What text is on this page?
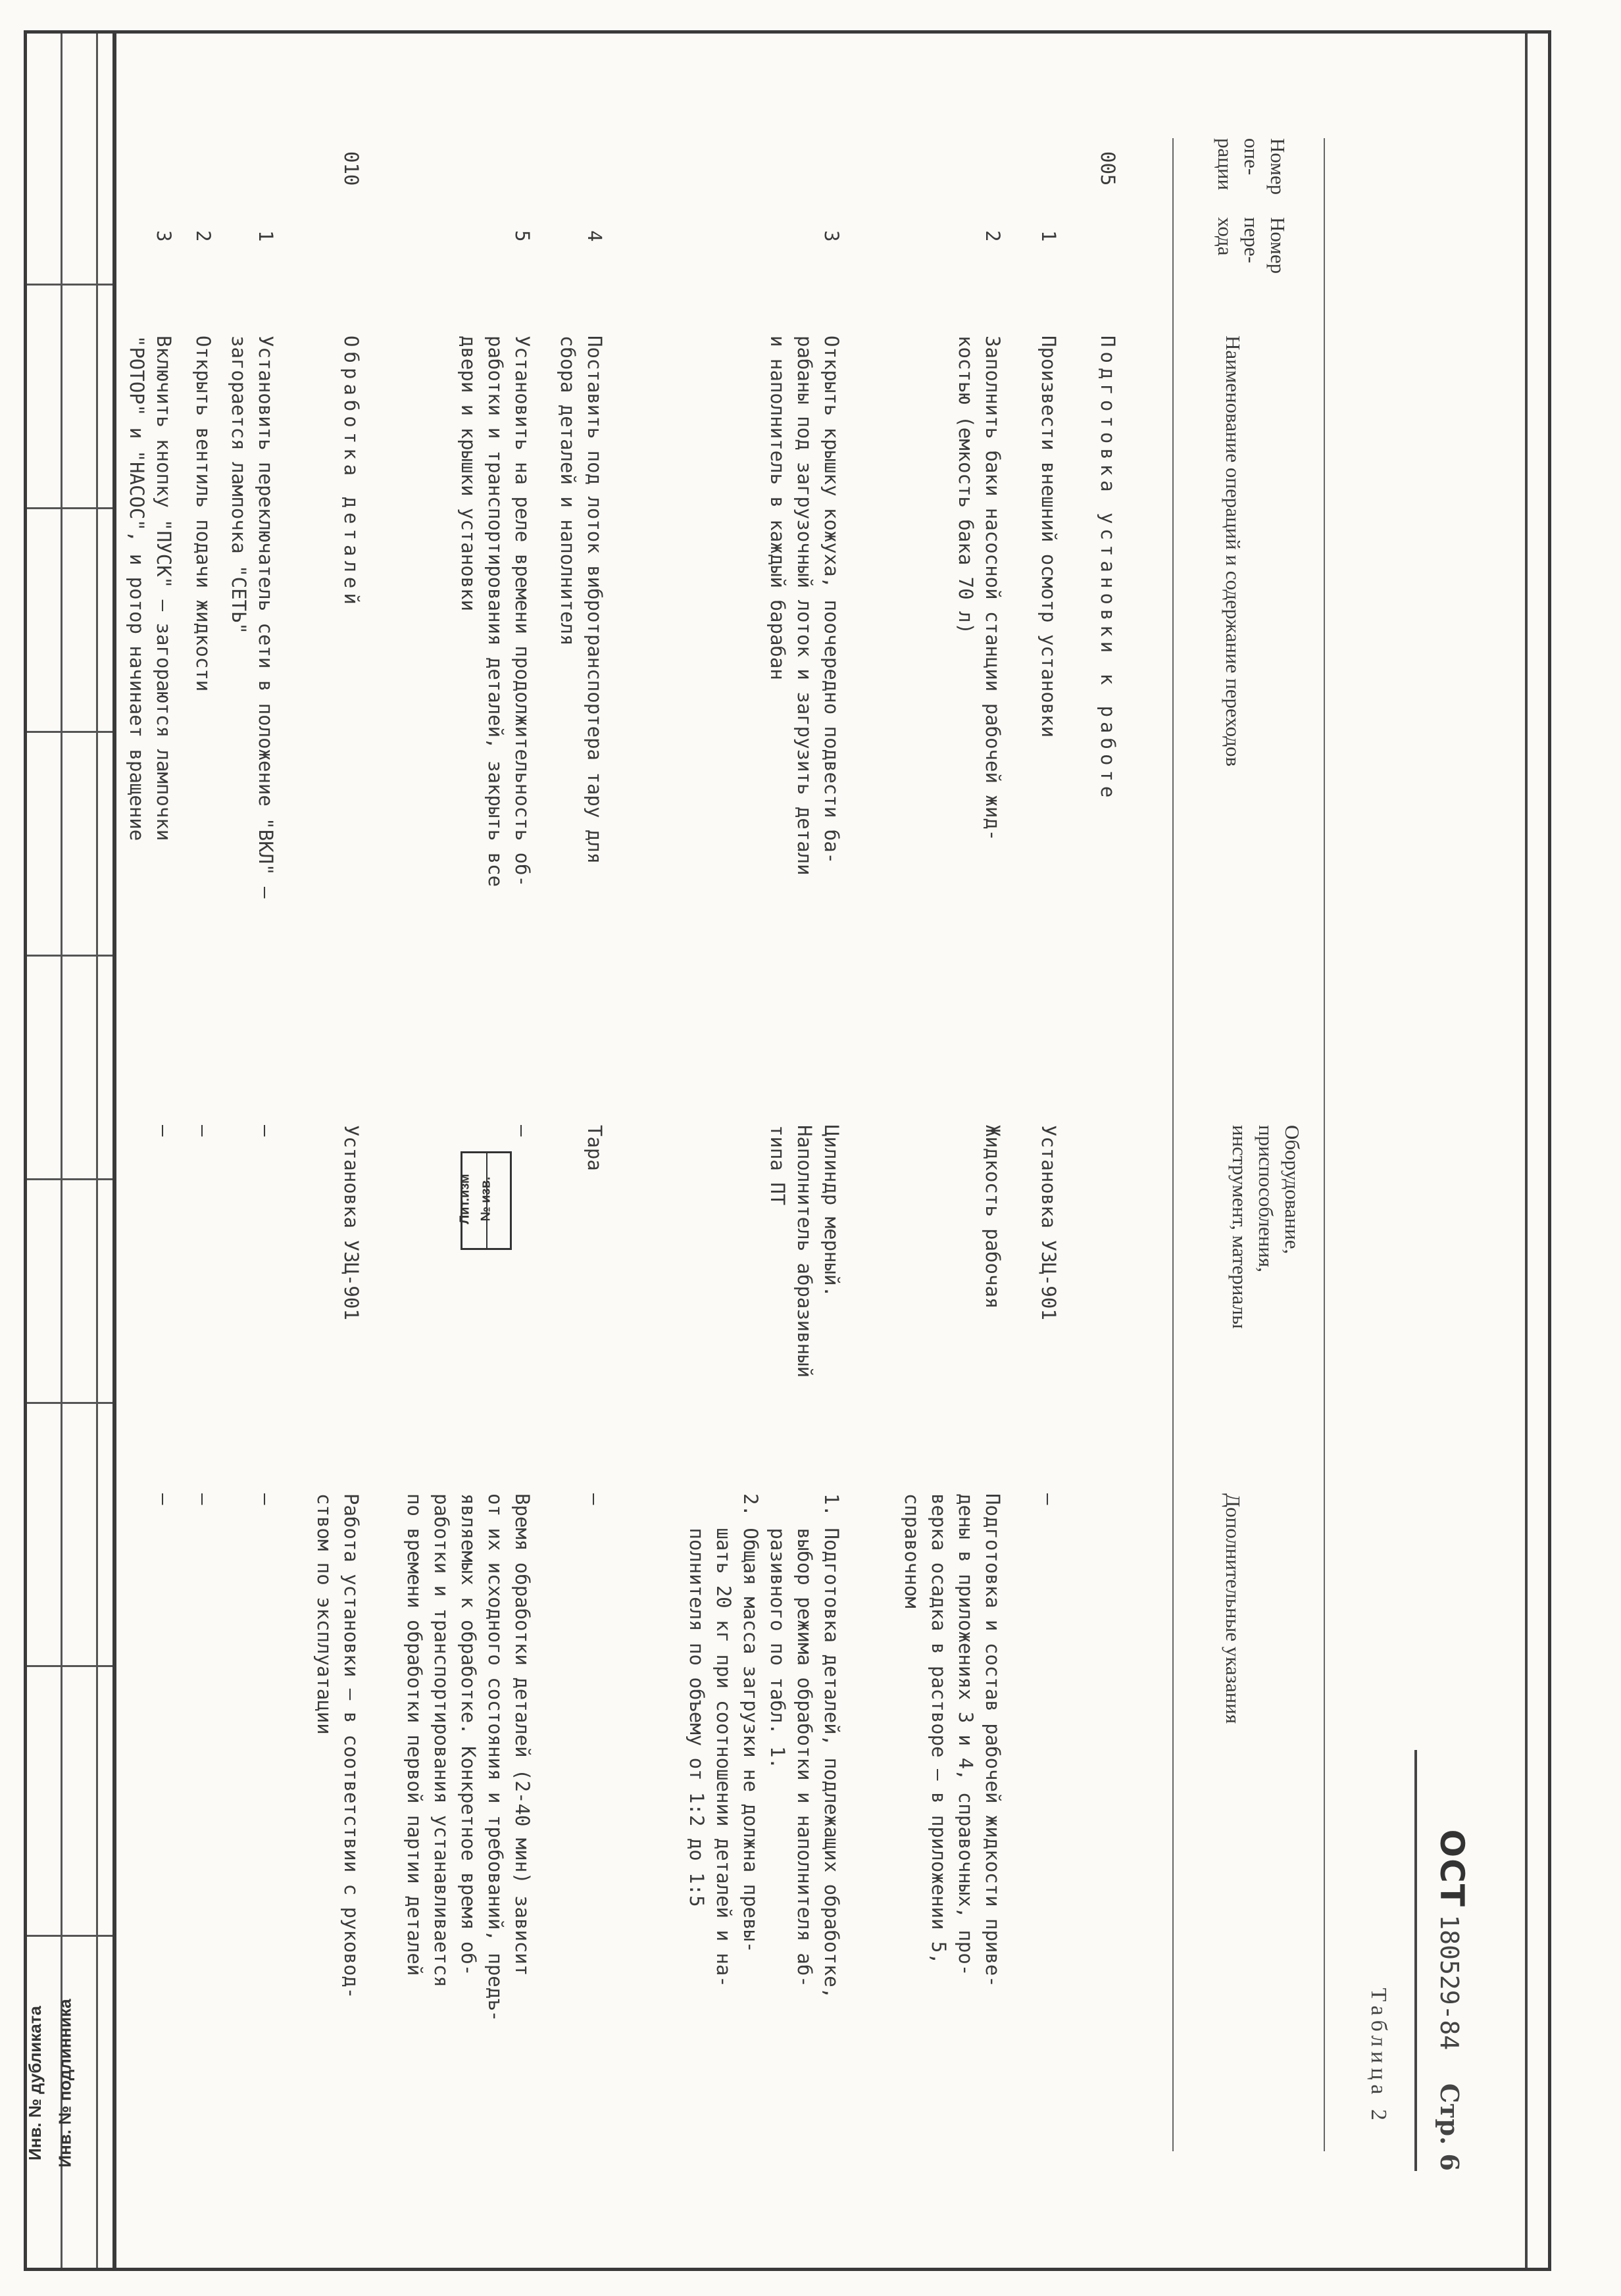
Инв. № дубликата Инв. № подлинника
Лит.изм № изв.
ОСТ 180529-84 Стр. 6
Таблица 2
Номер опе-рации
Номер пере-хода
Наименование операций и содержание переходов
Оборудование, приспособления, инструмент, материалы
Дополнительные указания
005
Подготовка установки к работе
1
Произвести внешний осмотр установки
Установка УЗЦ-901
–
2
Заполнить баки насосной станции рабочей жид-
костью (емкость бака 70 л)
Жидкость рабочая
Подготовка и состав рабочей жидкости приве-
дены в приложениях 3 и 4, справочных, про-
верка осадка в растворе – в приложении 5,
справочном
3
Открыть крышку кожуха, поочередно подвести ба-
рабаны под загрузочный лоток и загрузить детали
и наполнитель в каждый барабан
Цилиндр мерный.
Наполнитель абразивный
типа ПТ
1. Подготовка деталей, подлежащих обработке,
выбор режима обработки и наполнителя аб-
разивного по табл. 1.
2. Общая масса загрузки не должна превы-
шать 20 кг при соотношении деталей и на-
полнителя по объему от 1:2 до 1:5
4
Поставить под лоток вибротранспортера тару для
сбора деталей и наполнителя
Тара
–
5
Установить на реле времени продолжительность об-
работки и транспортирования деталей, закрыть все
двери и крышки установки
–
Время обработки деталей (2-40 мин) зависит
от их исходного состояния и требований, предъ-
являемых к обработке. Конкретное время об-
работки и транспортирования устанавливается
по времени обработки первой партии деталей
010
Обработка деталей
Установка УЗЦ-901
Работа установки – в соответствии с руковод-
ством по эксплуатации
1
Установить переключатель сети в положение "ВКЛ" –
загорается лампочка "СЕТЬ"
–
–
2
Открыть вентиль подачи жидкости
–
–
3
Включить кнопку "ПУСК" – загораются лампочки
"РОТОР" и "НАСОС", и ротор начинает вращение
–
–
